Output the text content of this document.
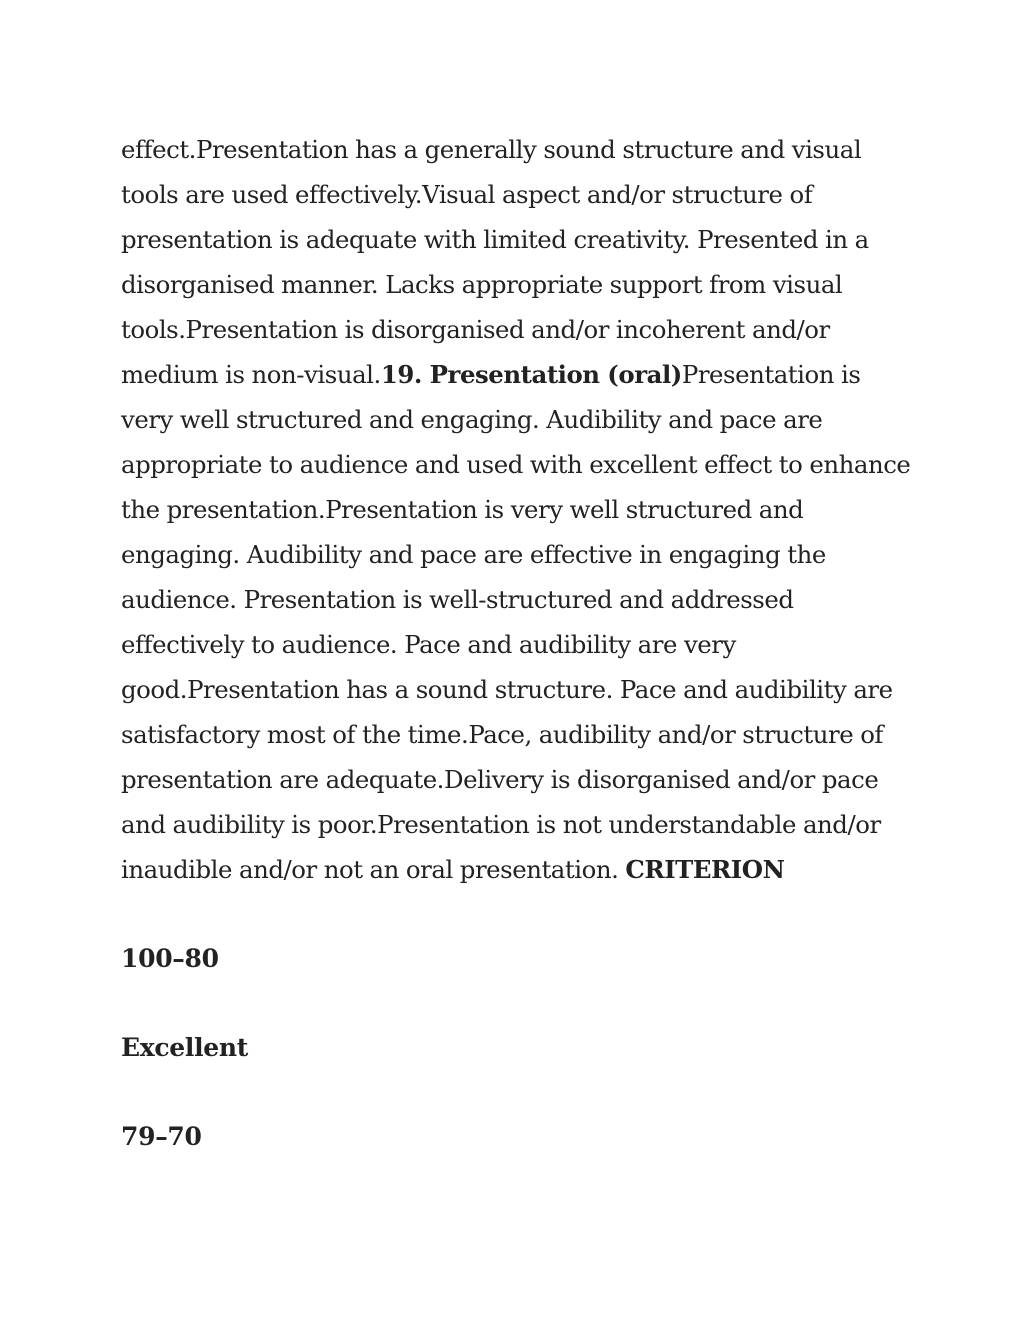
effect.Presentation has a generally sound structure and visual tools are used effectively.Visual aspect and/or structure of presentation is adequate with limited creativity. Presented in a disorganised manner. Lacks appropriate support from visual tools.Presentation is disorganised and/or incoherent and/or medium is non-visual.19. Presentation (oral)Presentation is very well structured and engaging. Audibility and pace are appropriate to audience and used with excellent effect to enhance the presentation.Presentation is very well structured and engaging. Audibility and pace are effective in engaging the audience. Presentation is well-structured and addressed effectively to audience. Pace and audibility are very good.Presentation has a sound structure. Pace and audibility are satisfactory most of the time.Pace, audibility and/or structure of presentation are adequate.Delivery is disorganised and/or pace and audibility is poor.Presentation is not understandable and/or inaudible and/or not an oral presentation. CRITERION

100–80

Excellent

79–70
